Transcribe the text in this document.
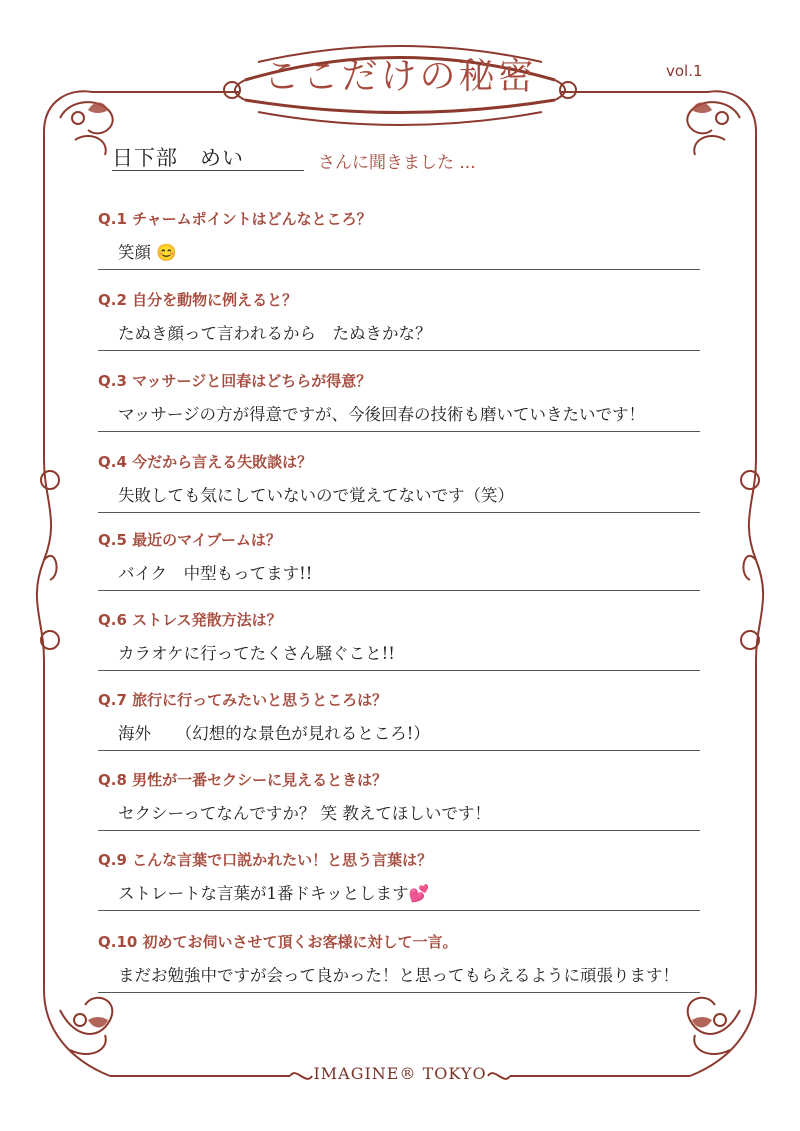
ここだけの秘密	vol.1
日下部　めい	さんに聞きました ...
Q.1 チャームポイントはどんなところ？
笑顔 😊
Q.2 自分を動物に例えると？
たぬき顔って言われるから　たぬきかな？
Q.3 マッサージと回春はどちらが得意？
マッサージの方が得意ですが、今後回春の技術も磨いていきたいです！
Q.4 今だから言える失敗談は？
失敗しても気にしていないので覚えてないです（笑）
Q.5 最近のマイブームは？
バイク　中型もってます!!
Q.6 ストレス発散方法は？
カラオケに行ってたくさん騒ぐこと!!
Q.7 旅行に行ってみたいと思うところは？
海外　　（幻想的な景色が見れるところ!）
Q.8 男性が一番セクシーに見えるときは？
セクシーってなんですか？ 笑 教えてほしいです！
Q.9 こんな言葉で口説かれたい！と思う言葉は？
ストレートな言葉が1番ドキッとします💕
Q.10 初めてお伺いさせて頂くお客様に対して一言。
まだお勉強中ですが会って良かった！と思ってもらえるように頑張ります！
IMAGINE® TOKYO
